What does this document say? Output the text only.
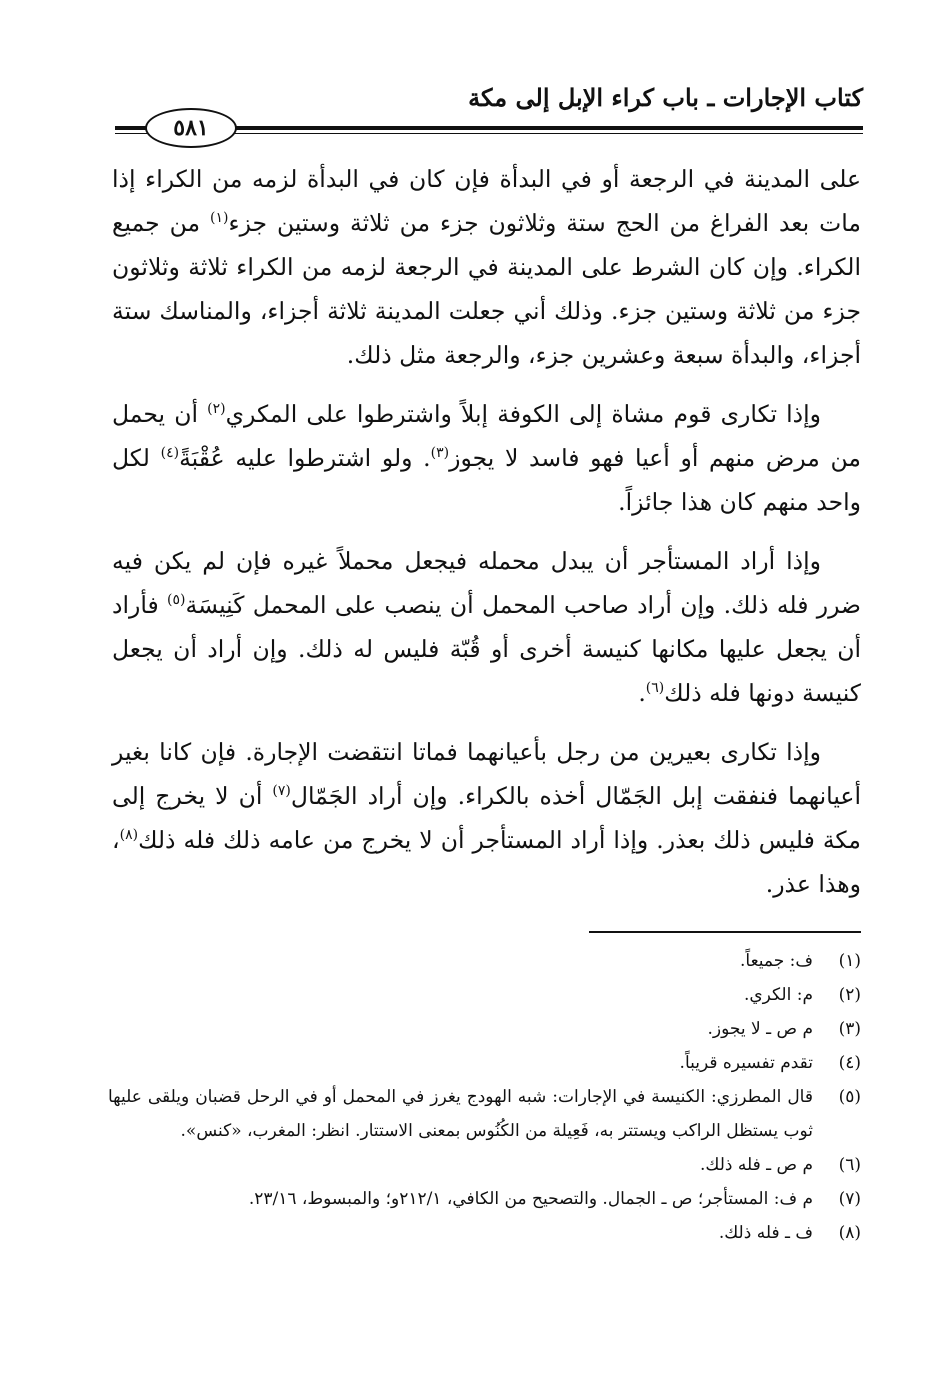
كتاب الإجارات ـ باب كراء الإبل إلى مكة
٥٨١

على المدينة في الرجعة أو في البدأة فإن كان في البدأة لزمه من الكراء إذا مات بعد الفراغ من الحج ستة وثلاثون جزء من ثلاثة وستين جزء$^{(١)}$ من جميع الكراء. وإن كان الشرط على المدينة في الرجعة لزمه من الكراء ثلاثة وثلاثون جزء من ثلاثة وستين جزء. وذلك أني جعلت المدينة ثلاثة أجزاء، والمناسك ستة أجزاء، والبدأة سبعة وعشرين جزء، والرجعة مثل ذلك.

وإذا تكارى قوم مشاة إلى الكوفة إبلاً واشترطوا على المكري$^{(٢)}$ أن يحمل من مرض منهم أو أعيا فهو فاسد لا يجوز$^{(٣)}$. ولو اشترطوا عليه عُقْبَةً$^{(٤)}$ لكل واحد منهم كان هذا جائزاً.

وإذا أراد المستأجر أن يبدل محمله فيجعل محملاً غيره فإن لم يكن فيه ضرر فله ذلك. وإن أراد صاحب المحمل أن ينصب على المحمل كَنِيسَة$^{(٥)}$ فأراد أن يجعل عليها مكانها كنيسة أخرى أو قُبّة فليس له ذلك. وإن أراد أن يجعل كنيسة دونها فله ذلك$^{(٦)}$.

وإذا تكارى بعيرين من رجل بأعيانهما فماتا انتقضت الإجارة. فإن كانا بغير أعيانهما فنفقت إبل الجَمّال أخذه بالكراء. وإن أراد الجَمّال$^{(٧)}$ أن لا يخرج إلى مكة فليس ذلك بعذر. وإذا أراد المستأجر أن لا يخرج من عامه ذلك فله ذلك$^{(٨)}$، وهذا عذر.

(١)
ف: جميعاً.
(٢)
م: الكري.
(٣)
م ص ـ لا يجوز.
(٤)
تقدم تفسيره قريباً.
(٥)
قال المطرزي: الكنيسة في الإجارات: شبه الهودج يغرز في المحمل أو في الرحل قضبان ويلقى عليها ثوب يستظل الراكب ويستتر به، فَعِيلة من الكُنُوس بمعنى الاستتار. انظر: المغرب، «كنس».
(٦)
م ص ـ فله ذلك.
(٧)
م ف: المستأجر؛ ص ـ الجمال. والتصحيح من الكافي، ٢١٢/١و؛ والمبسوط، ٢٣/١٦.
(٨)
ف ـ فله ذلك.
